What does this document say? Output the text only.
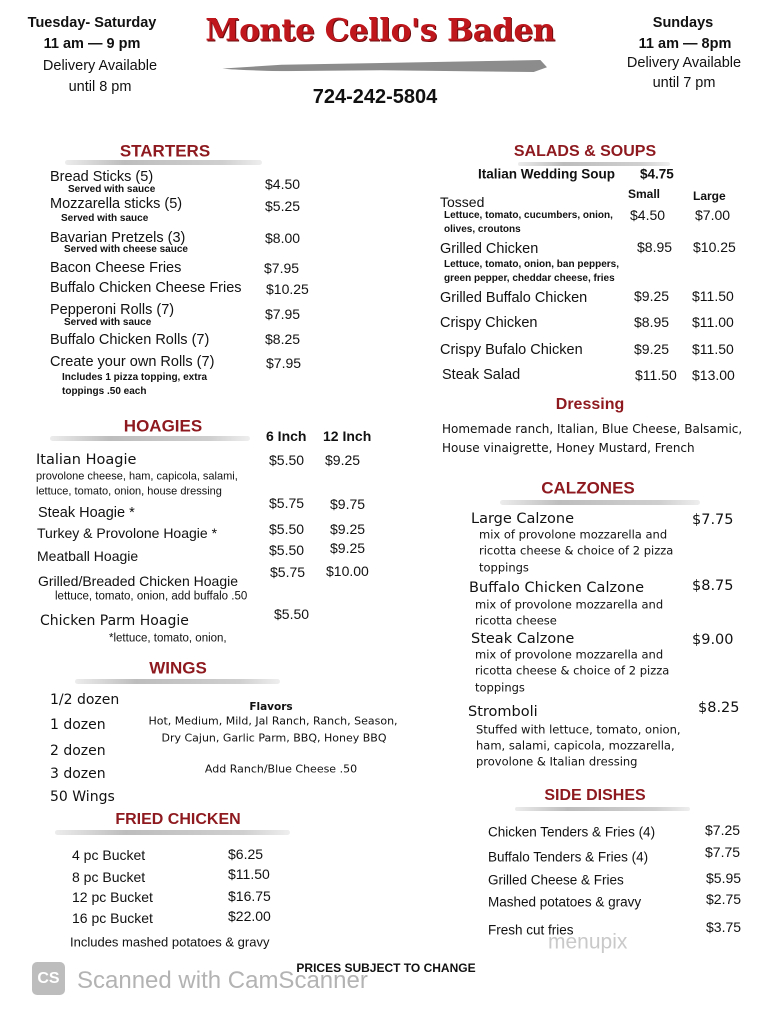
Tuesday- Saturday
11 am — 9 pm
Delivery Available
until 8 pm
Monte Cello's Baden
724-242-5804
Sundays
11 am — 8pm
Delivery Available
until 7 pm
STARTERS
Bread Sticks (5)
Served with sauce	$4.50
Mozzarella sticks (5)
Served with sauce
$5.25
Bavarian Pretzels (3)
Served with cheese sauce
$8.00
Bacon Cheese Fries	$7.95
Buffalo Chicken Cheese Fries $10.25
Pepperoni Rolls (7)
Served with sauce
$7.95
Buffalo Chicken Rolls (7)	$8.25
Create your own Rolls (7)
Includes 1 pizza topping, extra
toppings .50 each
$7.95
HOAGIES
6 Inch 12 Inch
Italian Hoagie	$5.50 $9.25
provolone cheese, ham, capicola, salami,
lettuce, tomato, onion, house dressing
Steak Hoagie *
$5.75 $9.75
Turkey & Provolone Hoagie *	$5.50 $9.25
Meatball Hoagie	$5.50 $9.25
Grilled/Breaded Chicken Hoagie
$5.75 $10.00
lettuce, tomato, onion, add buffalo .50
Chicken Parm Hoagie	$5.50
*lettuce, tomato, onion,
WINGS
1/2 dozen
1 dozen
2 dozen
3 dozen
50 Wings
Flavors
Hot, Medium, Mild, Jal Ranch, Ranch, Season,
Dry Cajun, Garlic Parm, BBQ, Honey BBQ
Add Ranch/Blue Cheese .50
FRIED CHICKEN
4 pc Bucket	$6.25
8 pc Bucket	$11.50
12 pc Bucket	$16.75
16 pc Bucket	$22.00
Includes mashed potatoes & gravy
SALADS & SOUPS
Italian Wedding Soup $4.75
Small	Large
Tossed
Lettuce, tomato, cucumbers, onion,
olives, croutons
$4.50 $7.00
Grilled Chicken
Lettuce, tomato, onion, ban peppers,
green pepper, cheddar cheese, fries
$8.95 $10.25
Grilled Buffalo Chicken	$9.25 $11.50
Crispy Chicken	$8.95 $11.00
Crispy Bufalo Chicken	$9.25 $11.50
Steak Salad	$11.50 $13.00
Dressing
Homemade ranch, Italian, Blue Cheese, Balsamic,
House vinaigrette, Honey Mustard, French
CALZONES
Large Calzone	$7.75
mix of provolone mozzarella and
ricotta cheese & choice of 2 pizza
toppings
Buffalo Chicken Calzone	$8.75
mix of provolone mozzarella and
ricotta cheese
Steak Calzone	$9.00
mix of provolone mozzarella and
ricotta cheese & choice of 2 pizza
toppings
Stromboli	$8.25
Stuffed with lettuce, tomato, onion,
ham, salami, capicola, mozzarella,
provolone & Italian dressing
SIDE DISHES
Chicken Tenders & Fries (4)	$7.25
Buffalo Tenders & Fries (4)	$7.75
Grilled Cheese & Fries	$5.95
Mashed potatoes & gravy	$2.75
Fresh cut fries	$3.75
menupix
CS Scanned with CamScanner
PRICES SUBJECT TO CHANGE
